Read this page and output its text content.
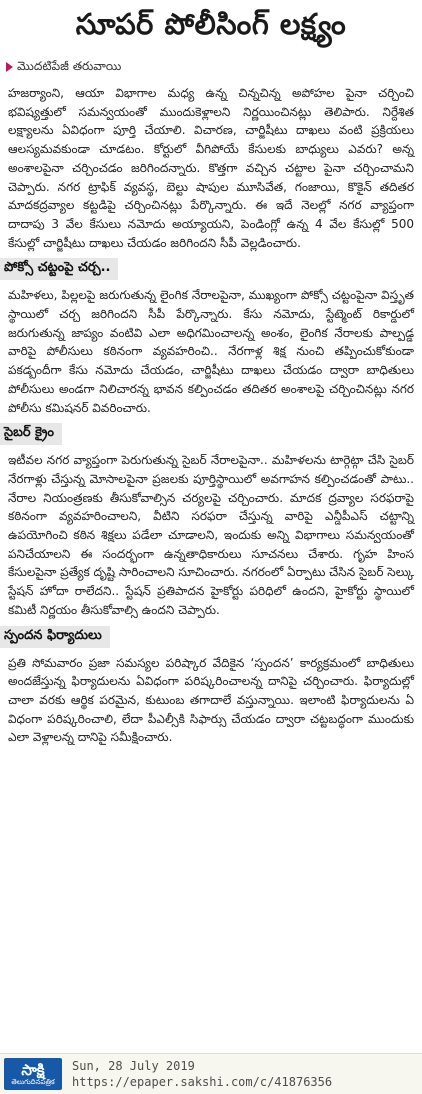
సూపర్ పోలీసింగ్ లక్ష్యం
మొదటిపేజీ తరువాయి

హజర్యాంని, ఆయా విభాగాల మధ్య ఉన్న చిన్నచిన్న అపోహల పైనా చర్చించి భవిష్యత్తులో సమన్వయంతో ముందుకెళ్లాలని నిర్ణయించినట్లు తెలిపారు. నిర్దేశిత లక్ష్యాలను ఏవిధంగా పూర్తి చేయాలి. విచారణ, చార్జిషీటు దాఖలు వంటి ప్రక్రియలు ఆలస్యమవకుండా చూడటం. కోర్టులో వీగిపోయే కేసులకు బాధ్యులు ఎవరు? అన్న అంశాలపైనా చర్చించడం జరిగిందన్నారు. కొత్తగా వచ్చిన చట్టాల పైనా చర్చించామని చెప్పారు. నగర ట్రాఫిక్ వ్యవస్థ, బెల్టు షాపుల మూసివేత, గంజాయి, కొకైన్ తదితర మాదకద్రవ్యాల కట్టడిపై చర్చించినట్లు పేర్కొన్నారు. ఈ ఇదే నెలల్లో నగర వ్యాప్తంగా దాదాపు 3 వేల కేసులు నమోదు అయ్యాయని, పెండింగ్లో ఉన్న 4 వేల కేసుల్లో 500 కేసుల్లో చార్జిషీటు దాఖలు చేయడం జరిగిందని సీపీ వెల్లడించారు.

పోక్సో చట్టంపై చర్చ..

మహిళలు, పిల్లలపై జరుగుతున్న లైంగిక నేరాలపైనా, ముఖ్యంగా పోక్సో చట్టంపైనా విస్తృత స్థాయిలో చర్చ జరిగిందని సీపీ పేర్కొన్నారు. కేసు నమోదు, స్టేట్మెంట్ రికార్డులో జరుగుతున్న జాప్యం వంటివి ఎలా అధిగమించాలన్న అంశం, లైంగిక నేరాలకు పాల్పడ్డ వారిపై పోలీసులు కఠినంగా వ్యవహరించి.. నేరగాళ్ల శిక్ష నుంచి తప్పించుకోకుండా పకడ్బందీగా కేసు నమోదు చేయడం, చార్జిషీటు దాఖలు చేయడం ద్వారా బాధితులు పోలీసులు అండగా నిలిచారన్న భావన కల్పించడం తదితర అంశాలపై చర్చించినట్లు నగర పోలీసు కమిషనర్ వివరించారు.

సైబర్ క్రైం

ఇటీవల నగర వ్యాప్తంగా పెరుగుతున్న సైబర్ నేరాలపైనా.. మహిళలను టార్గెట్గా చేసి సైబర్ నేరగాళ్లు చేస్తున్న మోసాలపైనా ప్రజలకు పూర్తిస్థాయిలో అవగాహన కల్పించడంతో పాటు.. నేరాల నియంత్రణకు తీసుకోవాల్సిన చర్యలపై చర్చించారు. మాదక ద్రవ్యాల సరఫరాపై కఠినంగా వ్యవహరించాలని, వీటిని సరఫరా చేస్తున్న వారిపై ఎన్డీపీఎస్ చట్టాన్ని ఉపయోగించి కఠిన శిక్షలు పడేలా చూడాలని, ఇందుకు అన్ని విభాగాలు సమన్వయంతో పనిచేయాలని ఈ సందర్భంగా ఉన్నతాధికారులు సూచనలు చేశారు. గృహ హింస కేసులపైనా ప్రత్యేక దృష్టి సారించాలని సూచించారు. నగరంలో ఏర్పాటు చేసిన సైబర్ సెల్కు స్టేషన్ హోదా రాలేదని.. స్టేషన్ ప్రతిపాదన హైకోర్టు పరిధిలో ఉందని, హైకోర్టు స్థాయిలో కమిటీ నిర్ణయం తీసుకోవాల్సి ఉందని చెప్పారు.

స్పందన ఫిర్యాదులు

ప్రతి సోమవారం ప్రజా సమస్యల పరిష్కార వేదికైన ‘స్పందన’ కార్యక్రమంలో బాధితులు అందజేస్తున్న ఫిర్యాదులను ఏవిధంగా పరిష్కరించాలన్న దానిపై చర్చించారు. ఫిర్యాదుల్లో చాలా వరకు ఆర్థిక పరమైన, కుటుంబ తగాదాలే వస్తున్నాయి. ఇలాంటి ఫిర్యాదులను ఏ విధంగా పరిష్కరించాలి, లేదా పీఎల్సీకి సిఫార్సు చేయడం ద్వారా చట్టబద్ధంగా ముందుకు ఎలా వెళ్లాలన్న దానిపై సమీక్షించారు.

సాక్షి
తెలుగుదినపత్రిక
Sun, 28 July 2019
https://epaper.sakshi.com/c/41876356
